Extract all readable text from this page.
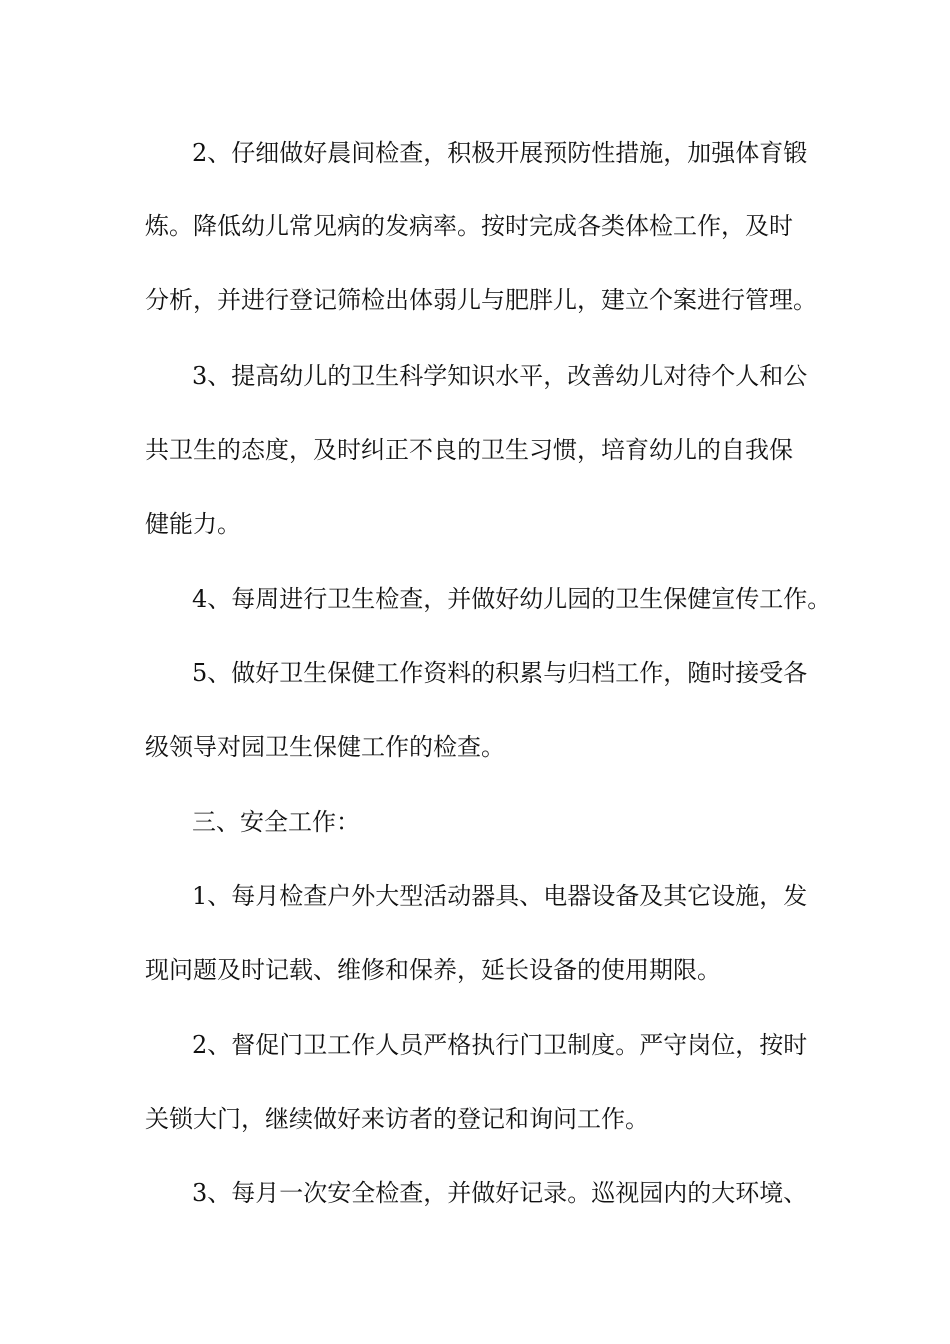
2、仔细做好晨间检查，积极开展预防性措施，加强体育锻

炼。降低幼儿常见病的发病率。按时完成各类体检工作，及时

分析，并进行登记筛检出体弱儿与肥胖儿，建立个案进行管理。

3、提高幼儿的卫生科学知识水平，改善幼儿对待个人和公

共卫生的态度，及时纠正不良的卫生习惯，培育幼儿的自我保

健能力。

4、每周进行卫生检查，并做好幼儿园的卫生保健宣传工作。

5、做好卫生保健工作资料的积累与归档工作，随时接受各

级领导对园卫生保健工作的检查。

三、安全工作：

1、每月检查户外大型活动器具、电器设备及其它设施，发

现问题及时记载、维修和保养，延长设备的使用期限。

2、督促门卫工作人员严格执行门卫制度。严守岗位，按时

关锁大门，继续做好来访者的登记和询问工作。

3、每月一次安全检查，并做好记录。巡视园内的大环境、
